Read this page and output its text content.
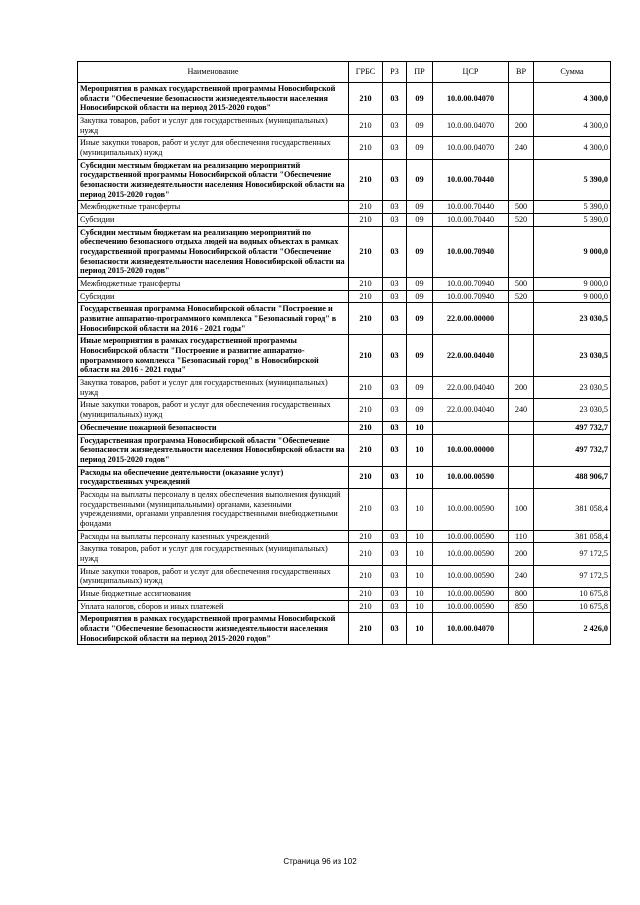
Наименование	ГРБС	РЗ	ПР	ЦСР	ВР	Сумма
Мероприятия в рамках государственной программы Новосибирской области "Обеспечение безопасности жизнедеятельности населения Новосибирской области на период 2015-2020 годов"	210	03	09	10.0.00.04070		4 300,0
Закупка товаров, работ и услуг для государственных (муниципальных) нужд	210	03	09	10.0.00.04070	200	4 300,0
Иные закупки товаров, работ и услуг для обеспечения государственных (муниципальных) нужд	210	03	09	10.0.00.04070	240	4 300,0
Субсидии местным бюджетам на реализацию мероприятий государственной программы Новосибирской области "Обеспечение безопасности жизнедеятельности населения Новосибирской области на период 2015-2020 годов"	210	03	09	10.0.00.70440		5 390,0
Межбюджетные трансферты	210	03	09	10.0.00.70440	500	5 390,0
Субсидии	210	03	09	10.0.00.70440	520	5 390,0
Субсидии местным бюджетам на реализацию мероприятий по обеспечению безопасного отдыха людей на водных объектах в рамках государственной программы Новосибирской области "Обеспечение безопасности жизнедеятельности населения Новосибирской области на период 2015-2020 годов"	210	03	09	10.0.00.70940		9 000,0
Межбюджетные трансферты	210	03	09	10.0.00.70940	500	9 000,0
Субсидии	210	03	09	10.0.00.70940	520	9 000,0
Государственная программа Новосибирской области "Построение и развитие аппаратно-программного комплекса "Безопасный город" в Новосибирской области на 2016 - 2021 годы"	210	03	09	22.0.00.00000		23 030,5
Иные мероприятия в рамках государственной программы Новосибирской области "Построение и развитие аппаратно-программного комплекса "Безопасный город" в Новосибирской области на 2016 - 2021 годы"	210	03	09	22.0.00.04040		23 030,5
Закупка товаров, работ и услуг для государственных (муниципальных) нужд	210	03	09	22.0.00.04040	200	23 030,5
Иные закупки товаров, работ и услуг для обеспечения государственных (муниципальных) нужд	210	03	09	22.0.00.04040	240	23 030,5
Обеспечение пожарной безопасности	210	03	10			497 732,7
Государственная программа Новосибирской области "Обеспечение безопасности жизнедеятельности населения Новосибирской области на период 2015-2020 годов"	210	03	10	10.0.00.00000		497 732,7
Расходы на обеспечение деятельности (оказание услуг) государственных учреждений	210	03	10	10.0.00.00590		488 906,7
Расходы на выплаты персоналу в целях обеспечения выполнения функций государственными (муниципальными) органами, казенными учреждениями, органами управления государственными внебюджетными фондами	210	03	10	10.0.00.00590	100	381 058,4
Расходы на выплаты персоналу казенных учреждений	210	03	10	10.0.00.00590	110	381 058,4
Закупка товаров, работ и услуг для государственных (муниципальных) нужд	210	03	10	10.0.00.00590	200	97 172,5
Иные закупки товаров, работ и услуг для обеспечения государственных (муниципальных) нужд	210	03	10	10.0.00.00590	240	97 172,5
Иные бюджетные ассигнования	210	03	10	10.0.00.00590	800	10 675,8
Уплата налогов, сборов и иных платежей	210	03	10	10.0.00.00590	850	10 675,8
Мероприятия в рамках государственной программы Новосибирской области "Обеспечение безопасности жизнедеятельности населения Новосибирской области на период 2015-2020 годов"	210	03	10	10.0.00.04070		2 426,0
Страница 96 из 102
